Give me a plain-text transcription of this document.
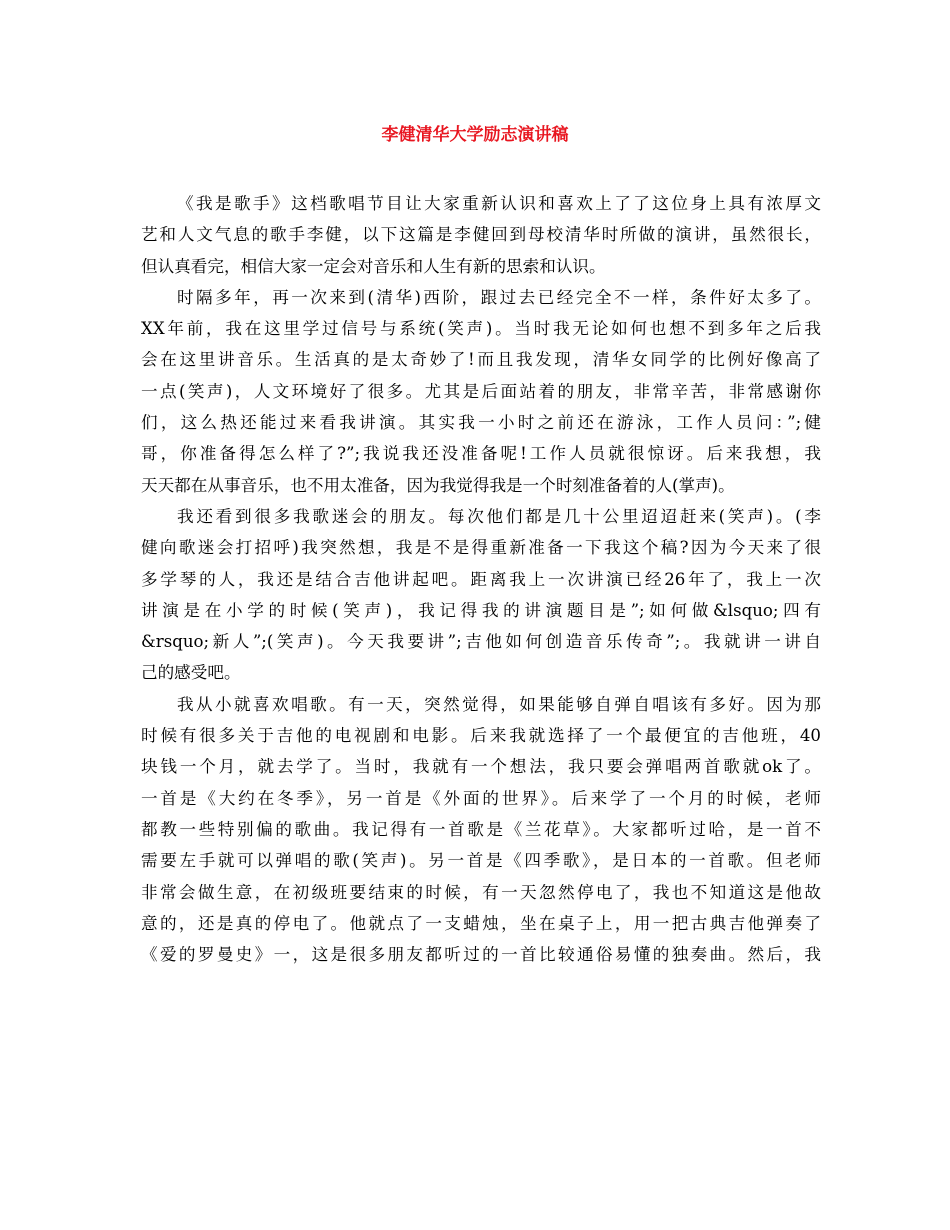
李健清华大学励志演讲稿

《我是歌手》这档歌唱节目让大家重新认识和喜欢上了了这位身上具有浓厚文

艺和人文气息的歌手李健，以下这篇是李健回到母校清华时所做的演讲，虽然很长，

但认真看完，相信大家一定会对音乐和人生有新的思索和认识。

时隔多年，再一次来到(清华)西阶，跟过去已经完全不一样，条件好太多了。

XX年前，我在这里学过信号与系统(笑声)。当时我无论如何也想不到多年之后我

会在这里讲音乐。生活真的是太奇妙了!而且我发现，清华女同学的比例好像高了

一点(笑声)，人文环境好了很多。尤其是后面站着的朋友，非常辛苦，非常感谢你

们，这么热还能过来看我讲演。其实我一小时之前还在游泳，工作人员问：”;健

哥，你准备得怎么样了?”;我说我还没准备呢!工作人员就很惊讶。后来我想，我

天天都在从事音乐，也不用太准备，因为我觉得我是一个时刻准备着的人(掌声)。

我还看到很多我歌迷会的朋友。每次他们都是几十公里迢迢赶来(笑声)。(李

健向歌迷会打招呼)我突然想，我是不是得重新准备一下我这个稿?因为今天来了很

多学琴的人，我还是结合吉他讲起吧。距离我上一次讲演已经26年了，我上一次

讲演是在小学的时候(笑声)，我记得我的讲演题目是”;如何做&lsquo;四有

&rsquo;新人”;(笑声)。今天我要讲”;吉他如何创造音乐传奇”;。我就讲一讲自

己的感受吧。

我从小就喜欢唱歌。有一天，突然觉得，如果能够自弹自唱该有多好。因为那

时候有很多关于吉他的电视剧和电影。后来我就选择了一个最便宜的吉他班，40

块钱一个月，就去学了。当时，我就有一个想法，我只要会弹唱两首歌就ok了。

一首是《大约在冬季》，另一首是《外面的世界》。后来学了一个月的时候，老师

都教一些特别偏的歌曲。我记得有一首歌是《兰花草》。大家都听过哈，是一首不

需要左手就可以弹唱的歌(笑声)。另一首是《四季歌》，是日本的一首歌。但老师

非常会做生意，在初级班要结束的时候，有一天忽然停电了，我也不知道这是他故

意的，还是真的停电了。他就点了一支蜡烛，坐在桌子上，用一把古典吉他弹奏了

《爱的罗曼史》一，这是很多朋友都听过的一首比较通俗易懂的独奏曲。然后，我
